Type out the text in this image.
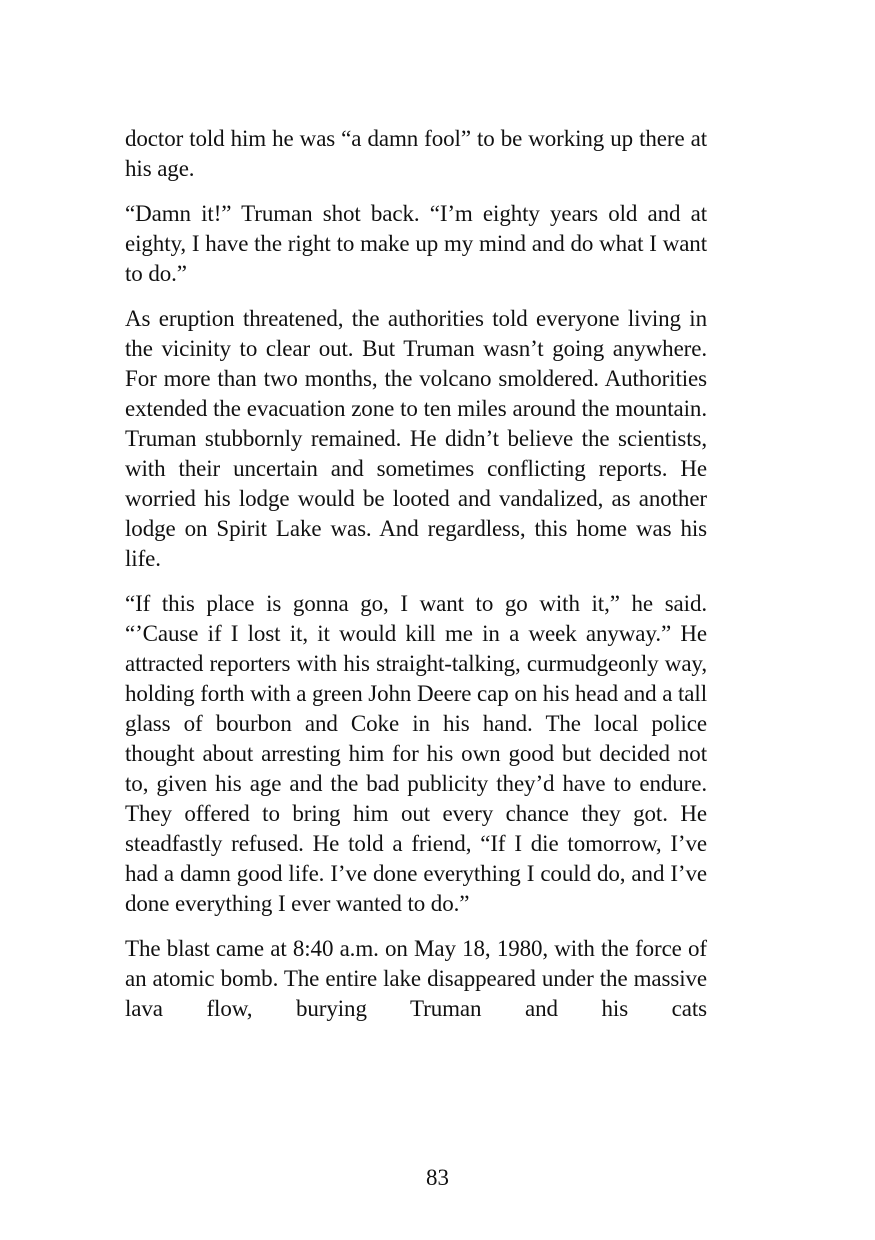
doctor told him he was “a damn fool” to be working up there at his age.

“Damn it!” Truman shot back. “I’m eighty years old and at eighty, I have the right to make up my mind and do what I want to do.”

As eruption threatened, the authorities told everyone living in the vicinity to clear out. But Truman wasn’t going anywhere. For more than two months, the volcano smoldered. Authorities extended the evacuation zone to ten miles around the mountain. Truman stubbornly remained. He didn’t believe the scientists, with their uncertain and sometimes conflicting reports. He worried his lodge would be looted and vandalized, as another lodge on Spirit Lake was. And regardless, this home was his life.

“If this place is gonna go, I want to go with it,” he said. “’Cause if I lost it, it would kill me in a week anyway.” He attracted reporters with his straight-talking, curmudgeonly way, holding forth with a green John Deere cap on his head and a tall glass of bourbon and Coke in his hand. The local police thought about arresting him for his own good but decided not to, given his age and the bad publicity they’d have to endure. They offered to bring him out every chance they got. He steadfastly refused. He told a friend, “If I die tomorrow, I’ve had a damn good life. I’ve done everything I could do, and I’ve done everything I ever wanted to do.”

The blast came at 8:40 a.m. on May 18, 1980, with the force of an atomic bomb. The entire lake disappeared under the massive lava flow, burying Truman and his cats

83
